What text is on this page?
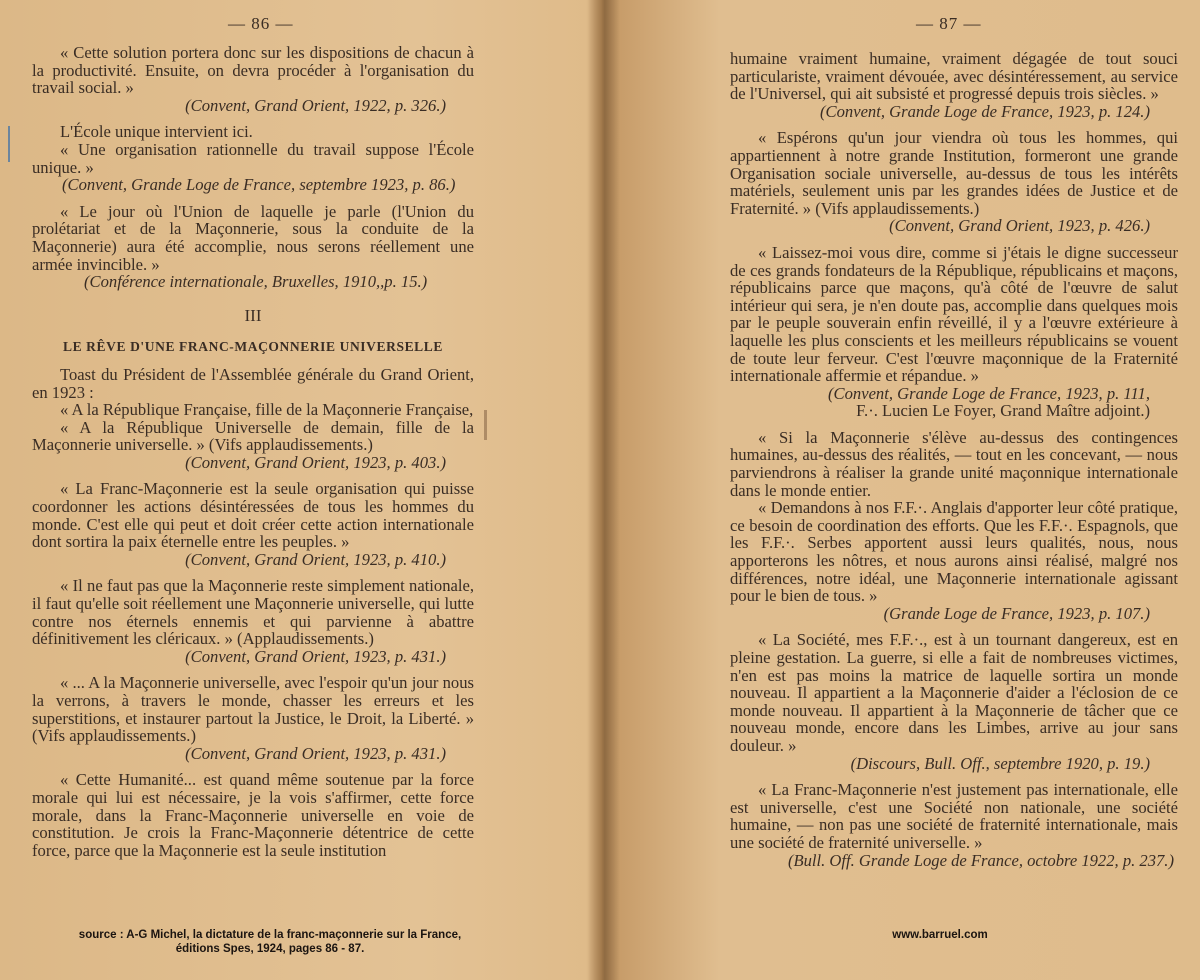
— 86 —

« Cette solution portera donc sur les dispositions de chacun à la productivité. Ensuite, on devra procéder à l'organisation du travail social. »

(Convent, Grand Orient, 1922, p. 326.)

L'École unique intervient ici.

« Une organisation rationnelle du travail suppose l'École unique. »

(Convent, Grande Loge de France, septembre 1923, p. 86.)

« Le jour où l'Union de laquelle je parle (l'Union du prolétariat et de la Maçonnerie, sous la conduite de la Maçonnerie) aura été accomplie, nous serons réellement une armée invincible. »

(Conférence internationale, Bruxelles, 1910,,p. 15.)

III

LE RÊVE D'UNE FRANC-MAÇONNERIE UNIVERSELLE

Toast du Président de l'Assemblée générale du Grand Orient, en 1923 :

« A la République Française, fille de la Maçonnerie Française,

« A la République Universelle de demain, fille de la Maçonnerie universelle. » (Vifs applaudissements.)

(Convent, Grand Orient, 1923, p. 403.)

« La Franc-Maçonnerie est la seule organisation qui puisse coordonner les actions désintéressées de tous les hommes du monde. C'est elle qui peut et doit créer cette action internationale dont sortira la paix éternelle entre les peuples. »

(Convent, Grand Orient, 1923, p. 410.)

« Il ne faut pas que la Maçonnerie reste simplement nationale, il faut qu'elle soit réellement une Maçonnerie universelle, qui lutte contre nos éternels ennemis et qui parvienne à abattre définitivement les cléricaux. » (Applaudissements.)

(Convent, Grand Orient, 1923, p. 431.)

« ... A la Maçonnerie universelle, avec l'espoir qu'un jour nous la verrons, à travers le monde, chasser les erreurs et les superstitions, et instaurer partout la Justice, le Droit, la Liberté. » (Vifs applaudissements.)

(Convent, Grand Orient, 1923, p. 431.)

« Cette Humanité... est quand même soutenue par la force morale qui lui est nécessaire, je la vois s'affirmer, cette force morale, dans la Franc-Maçonnerie universelle en voie de constitution. Je crois la Franc-Maçonnerie détentrice de cette force, parce que la Maçonnerie est la seule institution

source : A-G Michel, la dictature de la franc-maçonnerie sur la France,
éditions Spes, 1924, pages 86 - 87.
— 87 —

humaine vraiment humaine, vraiment dégagée de tout souci particulariste, vraiment dévouée, avec désintéressement, au service de l'Universel, qui ait subsisté et progressé depuis trois siècles. »

(Convent, Grande Loge de France, 1923, p. 124.)

« Espérons qu'un jour viendra où tous les hommes, qui appartiennent à notre grande Institution, formeront une grande Organisation sociale universelle, au-dessus de tous les intérêts matériels, seulement unis par les grandes idées de Justice et de Fraternité. » (Vifs applaudissements.)

(Convent, Grand Orient, 1923, p. 426.)

« Laissez-moi vous dire, comme si j'étais le digne successeur de ces grands fondateurs de la République, républicains et maçons, républicains parce que maçons, qu'à côté de l'œuvre de salut intérieur qui sera, je n'en doute pas, accomplie dans quelques mois par le peuple souverain enfin réveillé, il y a l'œuvre extérieure à laquelle les plus conscients et les meilleurs républicains se vouent de toute leur ferveur. C'est l'œuvre maçonnique de la Fraternité internationale affermie et répandue. »

(Convent, Grande Loge de France, 1923, p. 111,

F.·. Lucien Le Foyer, Grand Maître adjoint.)

« Si la Maçonnerie s'élève au-dessus des contingences humaines, au-dessus des réalités, — tout en les concevant, — nous parviendrons à réaliser la grande unité maçonnique internationale dans le monde entier.

« Demandons à nos F.F.·. Anglais d'apporter leur côté pratique, ce besoin de coordination des efforts. Que les F.F.·. Espagnols, que les F.F.·. Serbes apportent aussi leurs qualités, nous, nous apporterons les nôtres, et nous aurons ainsi réalisé, malgré nos différences, notre idéal, une Maçonnerie internationale agissant pour le bien de tous. »

(Grande Loge de France, 1923, p. 107.)

« La Société, mes F.F.·., est à un tournant dangereux, est en pleine gestation. La guerre, si elle a fait de nombreuses victimes, n'en est pas moins la matrice de laquelle sortira un monde nouveau. Il appartient a la Maçonnerie d'aider a l'éclosion de ce monde nouveau. Il appartient à la Maçonnerie de tâcher que ce nouveau monde, encore dans les Limbes, arrive au jour sans douleur. »

(Discours, Bull. Off., septembre 1920, p. 19.)

« La Franc-Maçonnerie n'est justement pas internationale, elle est universelle, c'est une Société non nationale, une société humaine, — non pas une société de fraternité internationale, mais une société de fraternité universelle. »

(Bull. Off. Grande Loge de France, octobre 1922, p. 237.)

www.barruel.com
